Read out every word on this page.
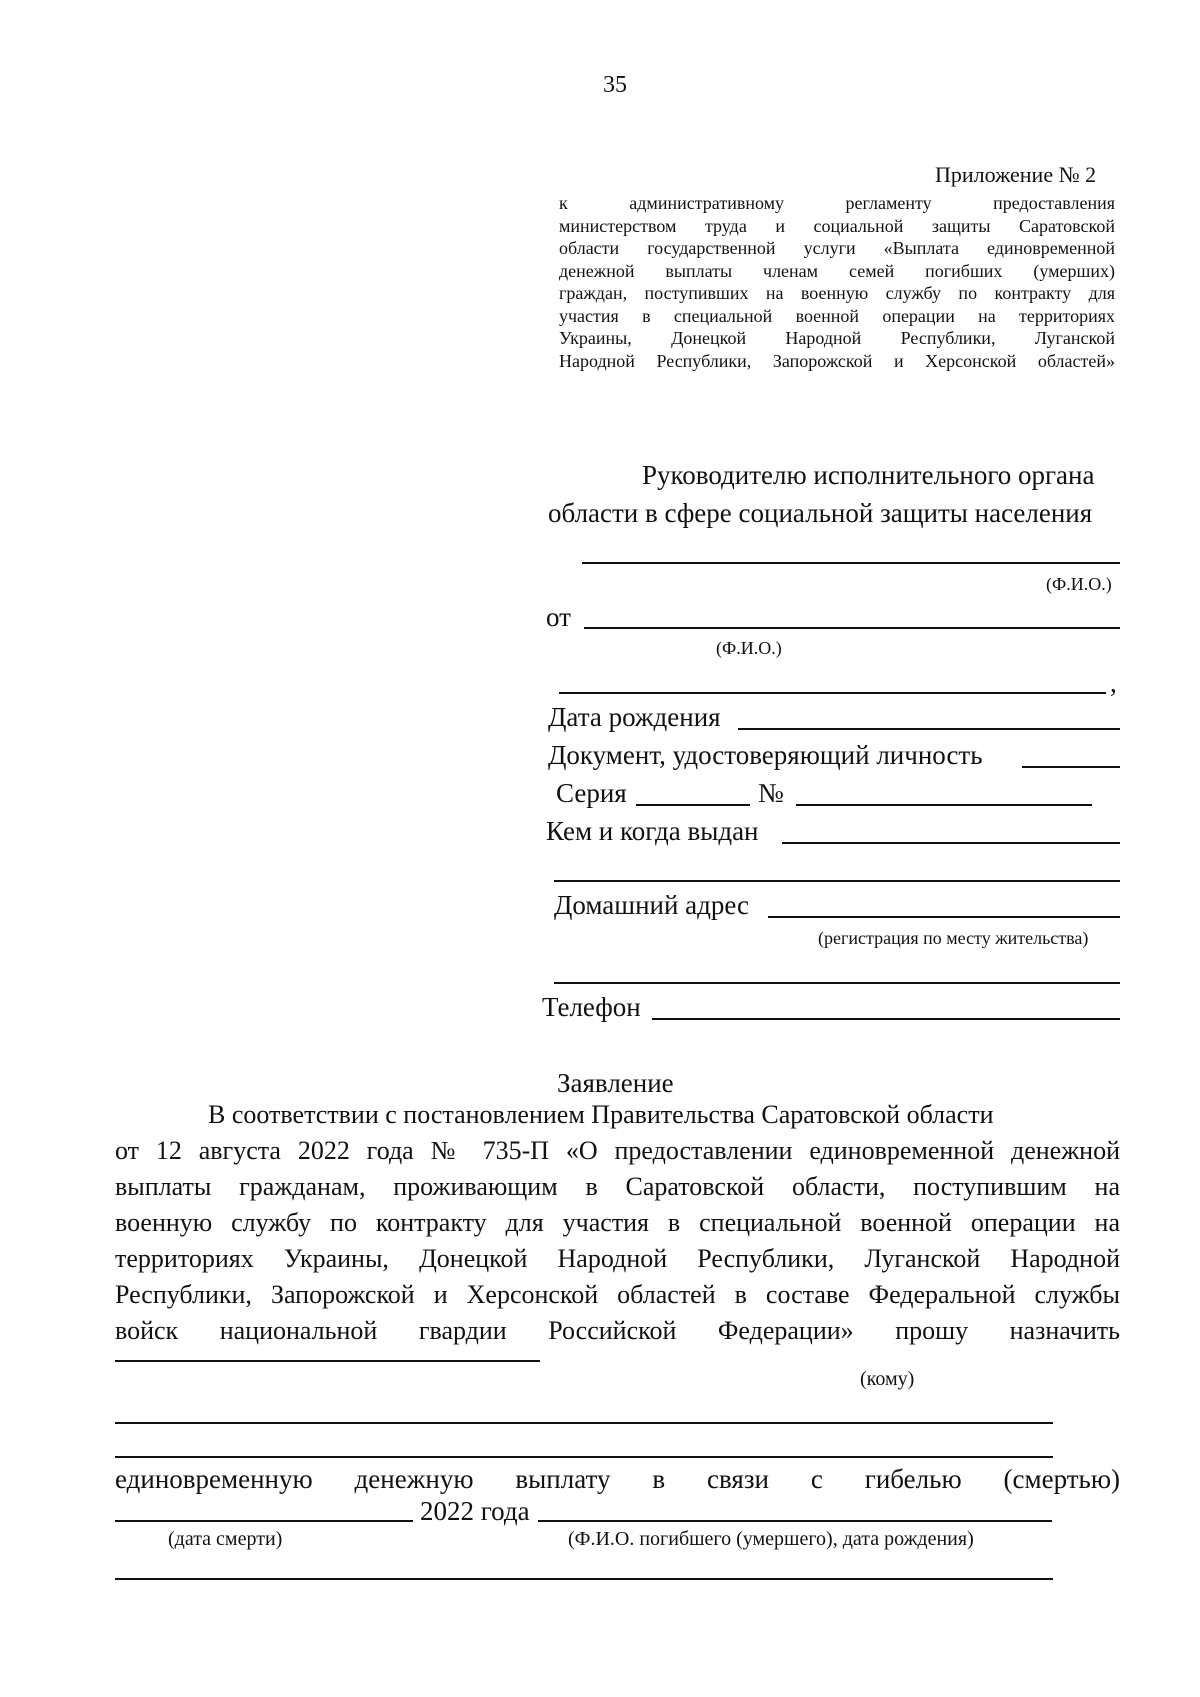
35
Приложение № 2
к административному регламенту предоставления
министерством труда и социальной защиты Саратовской
области государственной услуги «Выплата единовременной
денежной выплаты членам семей погибших (умерших)
граждан, поступивших на военную службу по контракту для
участия в специальной военной операции на территориях
Украины, Донецкой Народной Республики, Луганской
Народной Республики, Запорожской и Херсонской областей»
Руководителю исполнительного органа
области в сфере социальной защиты населения
(Ф.И.О.)
от
(Ф.И.О.)
,
Дата рождения
Документ, удостоверяющий личность
Серия	№
Кем и когда выдан
Домашний адрес
(регистрация по месту жительства)
Телефон
Заявление
В соответствии с постановлением Правительства Саратовской области
от 12 августа 2022 года № 735-П «О предоставлении единовременной денежной
выплаты гражданам, проживающим в Саратовской области, поступившим на
военную службу по контракту для участия в специальной военной операции на
территориях Украины, Донецкой Народной Республики, Луганской Народной
Республики, Запорожской и Херсонской областей в составе Федеральной службы
войск национальной гвардии Российской Федерации» прошу назначить
(кому)
единовременную денежную выплату в связи с гибелью (смертью)
2022 года
(дата смерти)	(Ф.И.О. погибшего (умершего), дата рождения)
